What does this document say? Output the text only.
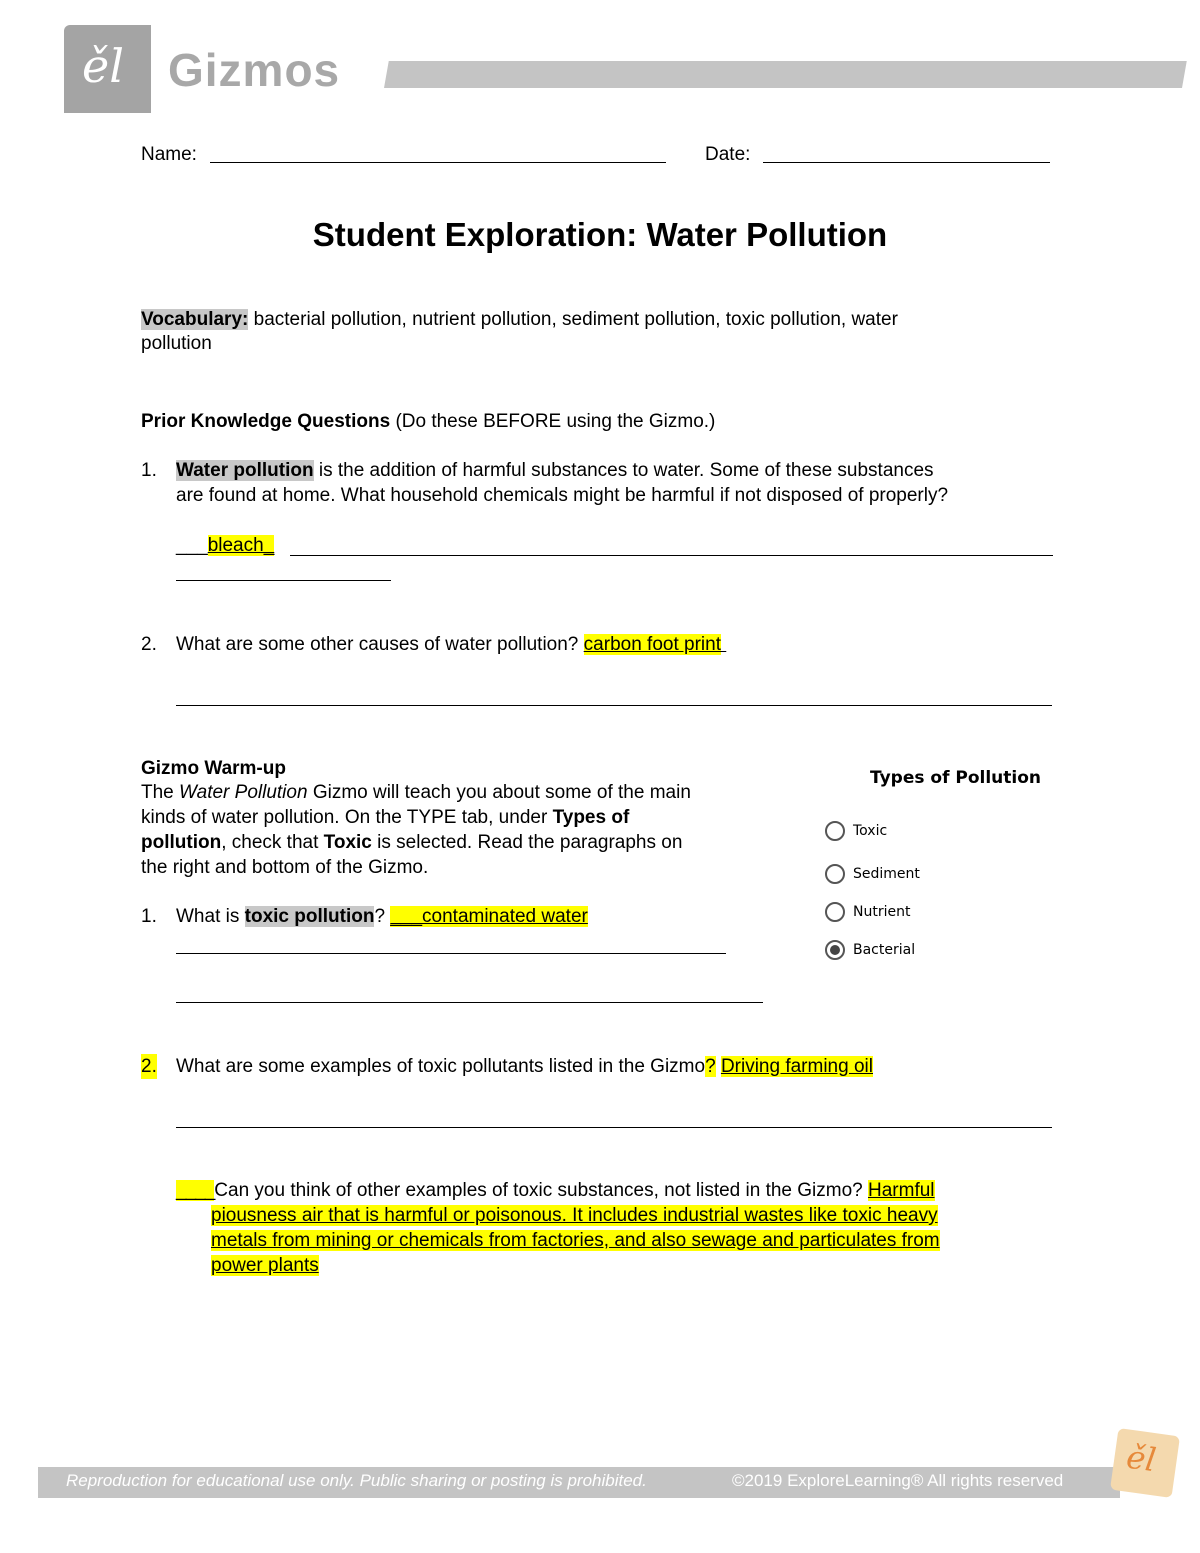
ěl Gizmos
Name:	Date:
Student Exploration: Water Pollution
Vocabulary: bacterial pollution, nutrient pollution, sediment pollution, toxic pollution, water
pollution
Prior Knowledge Questions (Do these BEFORE using the Gizmo.)
1. Water pollution is the addition of harmful substances to water. Some of these substances
are found at home. What household chemicals might be harmful if not disposed of properly?
___bleach_
2. What are some other causes of water pollution? carbon foot print
Gizmo Warm-up
The Water Pollution Gizmo will teach you about some of the main
kinds of water pollution. On the TYPE tab, under Types of
pollution, check that Toxic is selected. Read the paragraphs on
the right and bottom of the Gizmo.
1. What is toxic pollution? ___contaminated water
2. What are some examples of toxic pollutants listed in the Gizmo? Driving farming oil
____Can you think of other examples of toxic substances, not listed in the Gizmo? Harmful
piousness air that is harmful or poisonous. It includes industrial wastes like toxic heavy
metals from mining or chemicals from factories, and also sewage and particulates from
power plants
Types of Pollution
Toxic
Sediment
Nutrient
Bacterial
Reproduction for educational use only. Public sharing or posting is prohibited.	©2019 ExploreLearning® All rights reserved
ěl
